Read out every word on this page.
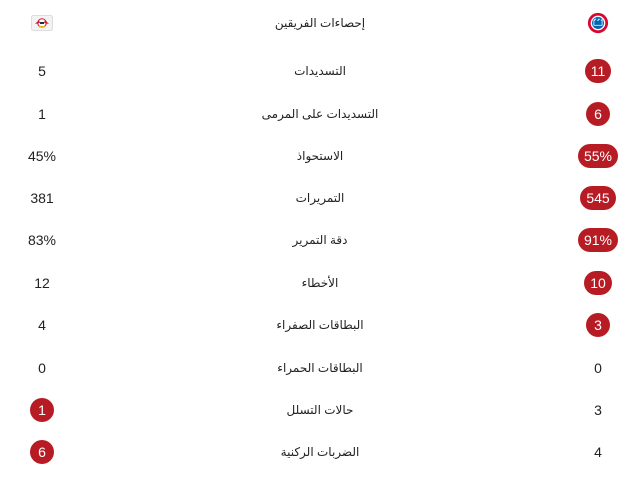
إحصاءات الفريقين
5	التسديدات	11
1	التسديدات على المرمى	6
45%	الاستحواذ	55%
381	التمريرات	545
83%	دقة التمرير	91%
12	الأخطاء	10
4	البطاقات الصفراء	3
0	البطاقات الحمراء	0
1	حالات التسلل	3
6	الضربات الركنية	4
